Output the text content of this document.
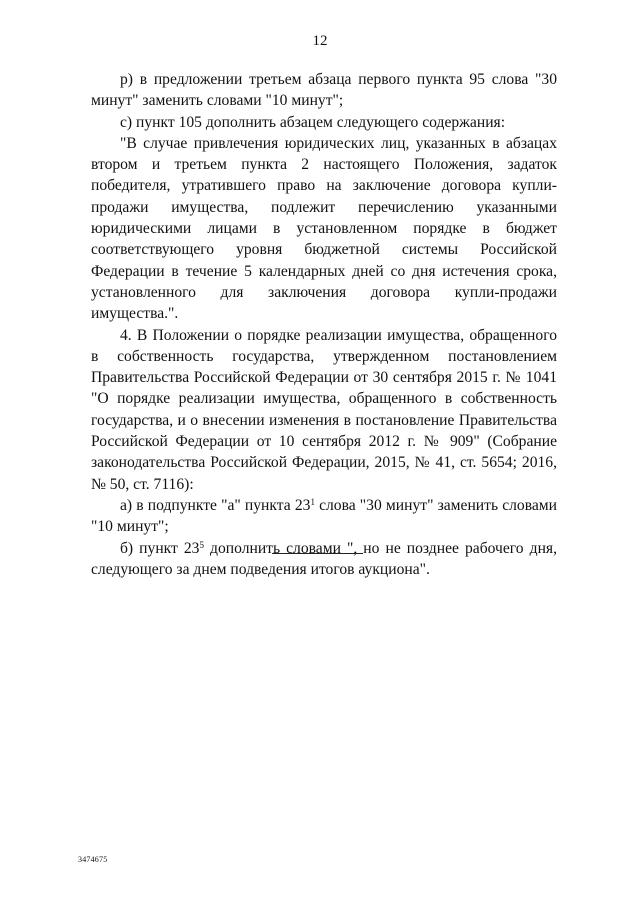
12

р) в предложении третьем абзаца первого пункта 95 слова "30 минут" заменить словами "10 минут";

с) пункт 105 дополнить абзацем следующего содержания:

"В случае привлечения юридических лиц, указанных в абзацах втором и третьем пункта 2 настоящего Положения, задаток победителя, утратившего право на заключение договора купли-продажи имущества, подлежит перечислению указанными юридическими лицами в установленном порядке в бюджет соответствующего уровня бюджетной системы Российской Федерации в течение 5 календарных дней со дня истечения срока, установленного для заключения договора купли-продажи имущества.".

4. В Положении о порядке реализации имущества, обращенного в собственность государства, утвержденном постановлением Правительства Российской Федерации от 30 сентября 2015 г. № 1041 "О порядке реализации имущества, обращенного в собственность государства, и о внесении изменения в постановление Правительства Российской Федерации от 10 сентября 2012 г. № 909" (Собрание законодательства Российской Федерации, 2015, № 41, ст. 5654; 2016, № 50, ст. 7116):

а) в подпункте "а" пункта $23^1$ слова "30 минут" заменить словами "10 минут";

б) пункт $23^5$ дополнить словами ", но не позднее рабочего дня, следующего за днем подведения итогов аукциона".

3474675
